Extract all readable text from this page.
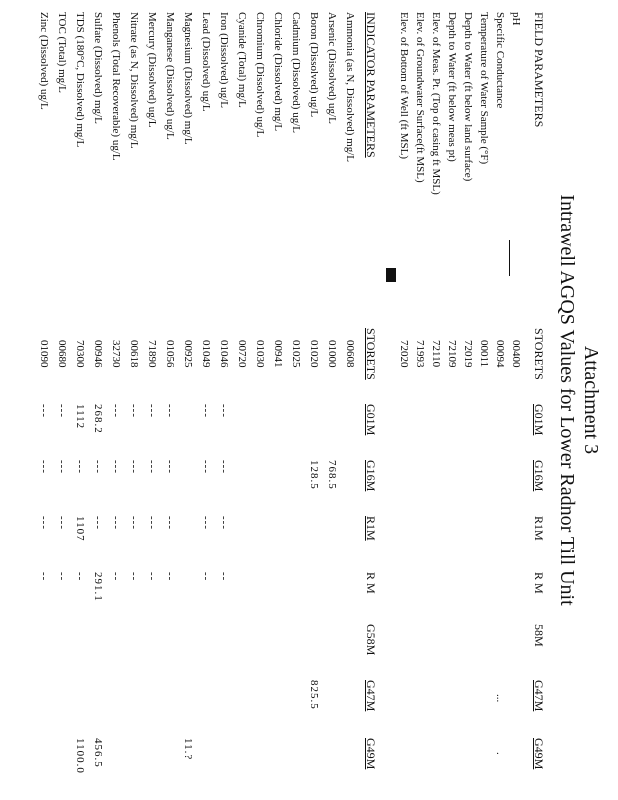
Attachment 3
Intrawell AGQS Values for Lower Radnor Till Unit
FIELD PARAMETERS
STORETS
G01M
G16M
R1M
R M
58M
G47M
G49M
pH
00400
Specific Conductance
00094
Temperature of Water Sample (°F)
00011
Depth to Water (ft below land surface)
72019
Depth to Water (ft below meas pt)
72109
Elev. of Meas. Pt. (Top of casing ft MSL)
72110
Elev. of Groundwater Surface(ft MSL)
71993
Elev. of Bottom of Well (ft MSL)
72020
...
.
INDICATOR PARAMETERS
STORETS
G01M
G16M
R1M
R M
G58M
G47M
G49M
Ammonia (as N, Dissolved) mg/L
00608
Arsenic (Dissolved) ug/L
01000
768.5
Boron (Dissolved) ug/L
01020
128.5
825.5
Cadmium (Dissolved) ug/L
01025
Chloride (Dissolved) mg/L
00941
Chromium (Dissolved) ug/L
01030
Cyanide (Total) mg/L
00720
Iron (Dissolved) ug/L
01046
---
---
---
--
Lead (Dissolved) ug/L
01049
---
---
---
--
Magnesium (Dissolved) mg/L
00925
11.?
Manganese (Dissolved) ug/L
01056
---
---
---
--
Mercury (Dissolved) ug/L
71890
---
---
---
--
Nitrate (as N, Dissolved) mg/L
00618
---
---
---
--
Phenols (Total Recoverable) ug/L
32730
---
---
---
--
Sulfate (Dissolved) mg/L
00946
268.2
---
---
291.1
456.5
TDS (180°C, Dissolved) mg/L
70300
1112
---
1107
--
1100.0
TOC (Total) mg/L
00680
---
---
---
--
Zinc (Dissolved) ug/L
01090
---
---
---
--
